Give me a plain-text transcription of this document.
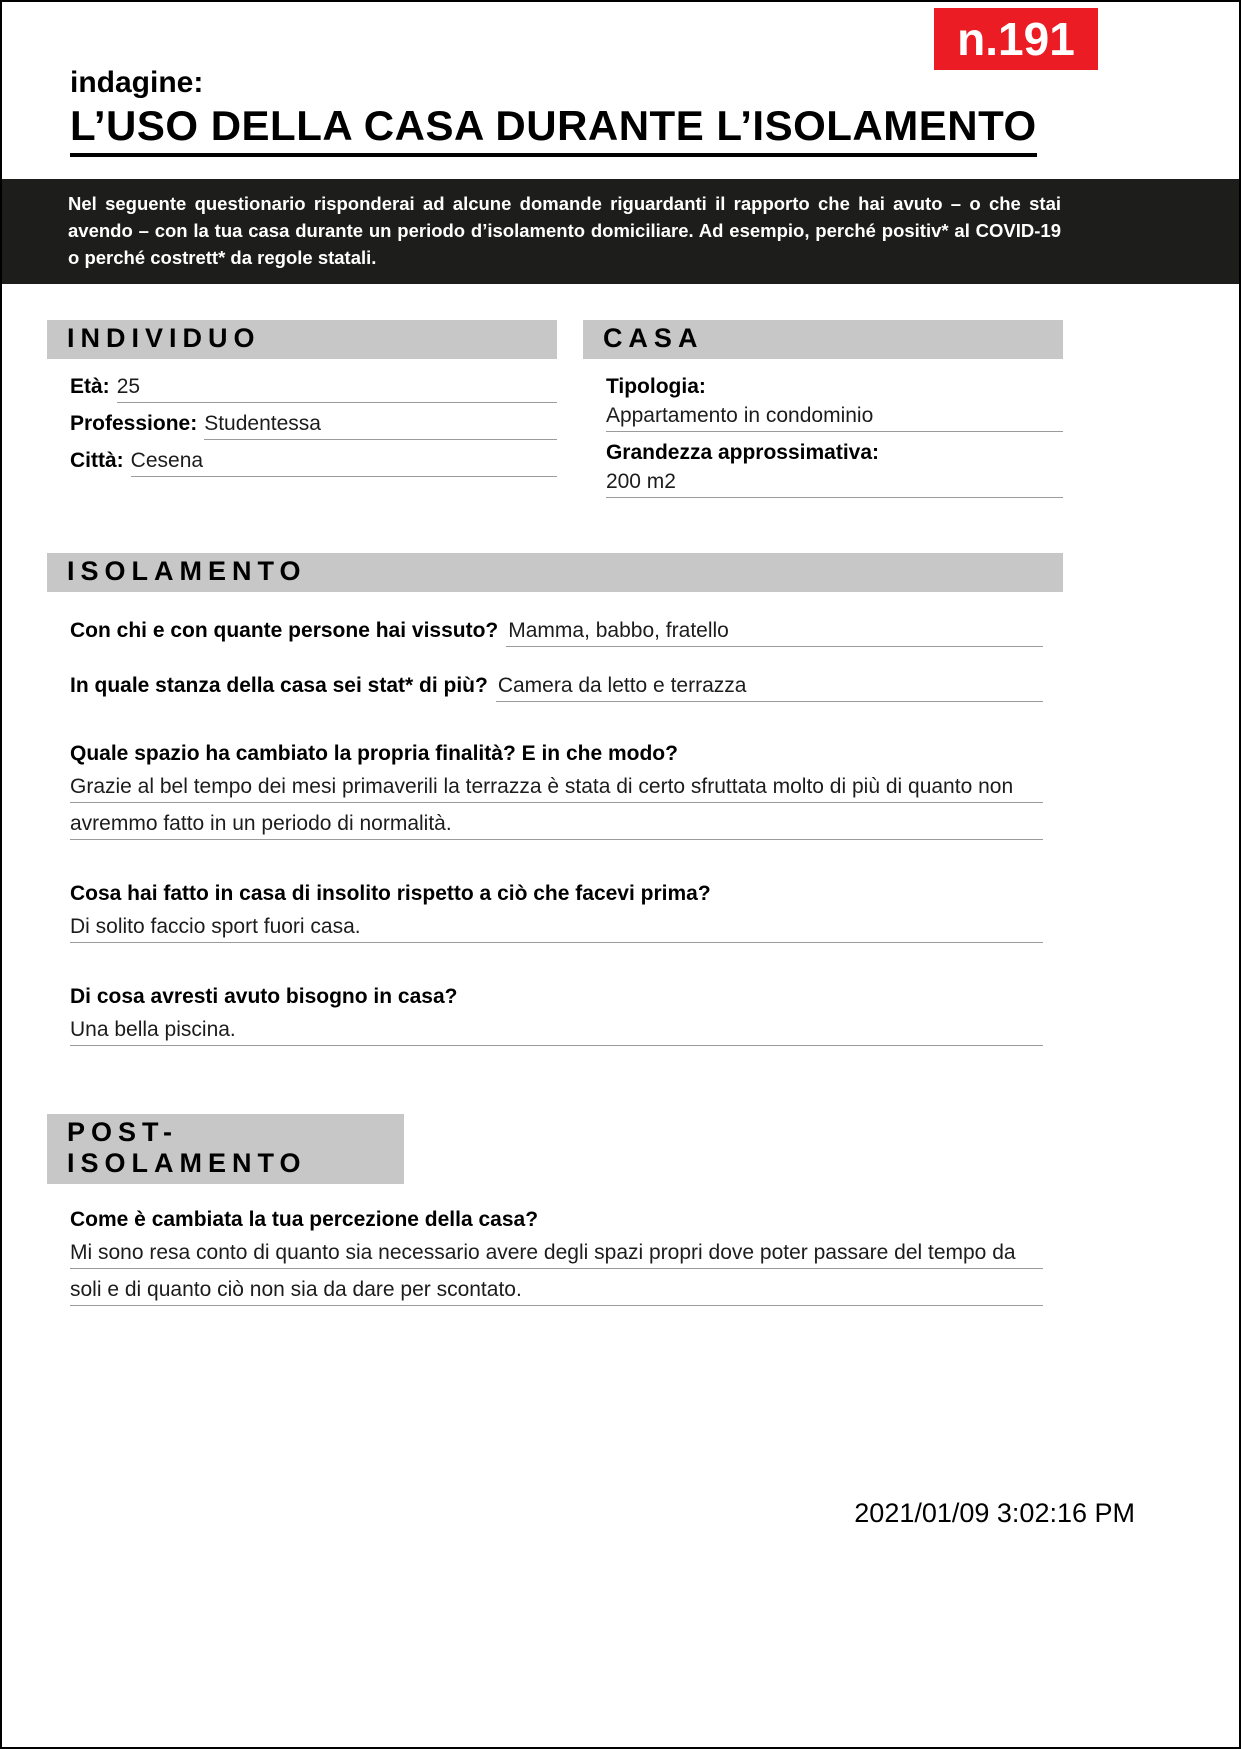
n.191
indagine:
L’USO DELLA CASA DURANTE L’ISOLAMENTO

Nel seguente questionario risponderai ad alcune domande riguardanti il rapporto che hai avuto – o che stai avendo – con la tua casa durante un periodo d’isolamento domiciliare. Ad esempio, perché positiv* al COVID-19 o perché costrett* da regole statali.

INDIVIDUO
Età: 25
Professione: Studentessa
Città: Cesena
CASA
Tipologia:
Appartamento in condominio
Grandezza approssimativa:
200 m2
ISOLAMENTO
Con chi e con quante persone hai vissuto? Mamma, babbo, fratello
In quale stanza della casa sei stat* di più? Camera da letto e terrazza
Quale spazio ha cambiato la propria finalità? E in che modo?
Grazie al bel tempo dei mesi primaverili la terrazza è stata di certo sfruttata molto di più di quanto non avremmo fatto in un periodo di normalità.
Cosa hai fatto in casa di insolito rispetto a ciò che facevi prima?
Di solito faccio sport fuori casa.
Di cosa avresti avuto bisogno in casa?
Una bella piscina.
POST-ISOLAMENTO
Come è cambiata la tua percezione della casa?
Mi sono resa conto di quanto sia necessario avere degli spazi propri dove poter passare del tempo da soli e di quanto ciò non sia da dare per scontato.
2021/01/09 3:02:16 PM
